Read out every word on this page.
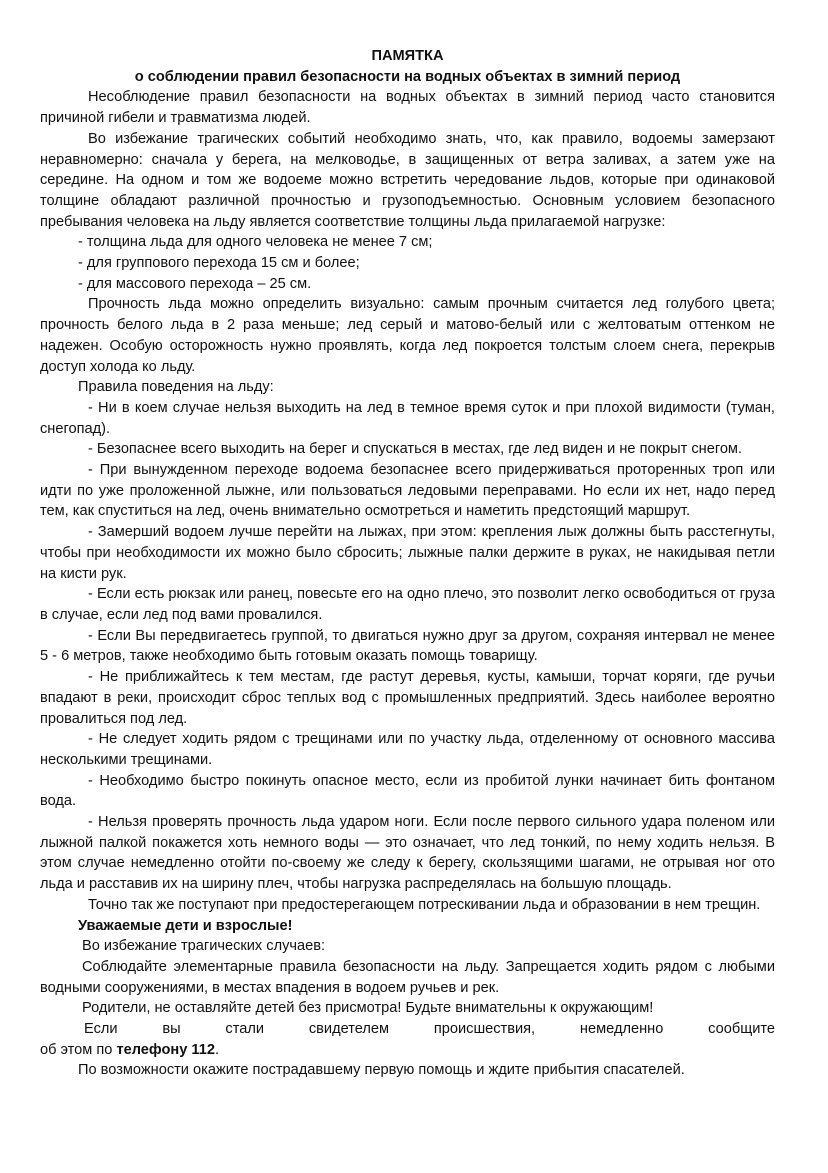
ПАМЯТКА

о соблюдении правил безопасности на водных объектах в зимний период

Несоблюдение правил безопасности на водных объектах в зимний период часто становится причиной гибели и травматизма людей.

Во избежание трагических событий необходимо знать, что, как правило, водоемы замерзают неравномерно: сначала у берега, на мелководье, в защищенных от ветра заливах, а затем уже на середине. На одном и том же водоеме можно встретить чередование льдов, которые при одинаковой толщине обладают различной прочностью и грузоподъемностью. Основным условием безопасного пребывания человека на льду является соответствие толщины льда прилагаемой нагрузке:

- толщина льда для одного человека не менее 7 см;

- для группового перехода 15 см и более;

- для массового перехода – 25 см.

Прочность льда можно определить визуально: самым прочным считается лед голубого цвета; прочность белого льда в 2 раза меньше; лед серый и матово-белый или с желтоватым оттенком не надежен. Особую осторожность нужно проявлять, когда лед покроется толстым слоем снега, перекрыв доступ холода ко льду.

Правила поведения на льду:

- Ни в коем случае нельзя выходить на лед в темное время суток и при плохой видимости (туман, снегопад).

- Безопаснее всего выходить на берег и спускаться в местах, где лед виден и не покрыт снегом.

- При вынужденном переходе водоема безопаснее всего придерживаться проторенных троп или идти по уже проложенной лыжне, или пользоваться ледовыми переправами. Но если их нет, надо перед тем, как спуститься на лед, очень внимательно осмотреться и наметить предстоящий маршрут.

- Замерший водоем лучше перейти на лыжах, при этом: крепления лыж должны быть расстегнуты, чтобы при необходимости их можно было сбросить; лыжные палки держите в руках, не накидывая петли на кисти рук.

- Если есть рюкзак или ранец, повесьте его на одно плечо, это позволит легко освободиться от груза в случае, если лед под вами провалился.

- Если Вы передвигаетесь группой, то двигаться нужно друг за другом, сохраняя интервал не менее 5 - 6 метров, также необходимо быть готовым оказать помощь товарищу.

- Не приближайтесь к тем местам, где растут деревья, кусты, камыши, торчат коряги, где ручьи впадают в реки, происходит сброс теплых вод с промышленных предприятий. Здесь наиболее вероятно провалиться под лед.

- Не следует ходить рядом с трещинами или по участку льда, отделенному от основного массива несколькими трещинами.

- Необходимо быстро покинуть опасное место, если из пробитой лунки начинает бить фонтаном вода.

- Нельзя проверять прочность льда ударом ноги. Если после первого сильного удара поленом или лыжной палкой покажется хоть немного воды — это означает, что лед тонкий, по нему ходить нельзя. В этом случае немедленно отойти по-своему же следу к берегу, скользящими шагами, не отрывая ног ото льда и расставив их на ширину плеч, чтобы нагрузка распределялась на большую площадь.

Точно так же поступают при предостерегающем потрескивании льда и образовании в нем трещин.

Уважаемые дети и взрослые!

Во избежание трагических случаев:

Соблюдайте элементарные правила безопасности на льду. Запрещается ходить рядом с любыми водными сооружениями, в местах впадения в водоем ручьев и рек.

Родители, не оставляйте детей без присмотра! Будьте внимательны к окружающим!

Если вы стали свидетелем происшествия, немедленно сообщите

об этом по телефону 112.

По возможности окажите пострадавшему первую помощь и ждите прибытия спасателей.
